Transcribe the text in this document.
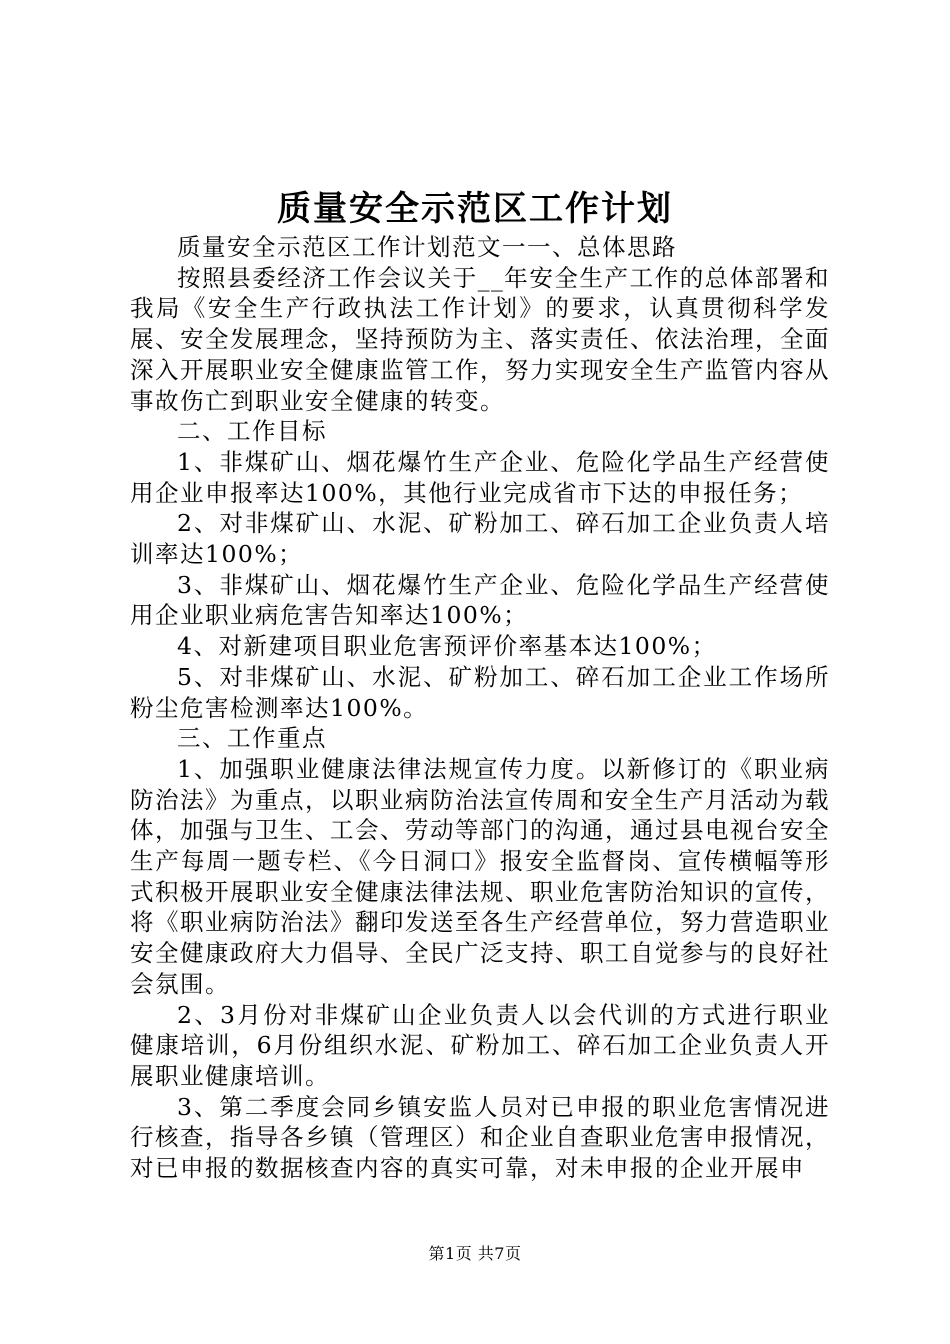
质量安全示范区工作计划

质量安全示范区工作计划范文一一、总体思路

按照县委经济工作会议关于__年安全生产工作的总体部署和我局《安全生产行政执法工作计划》的要求，认真贯彻科学发展、安全发展理念，坚持预防为主、落实责任、依法治理，全面深入开展职业安全健康监管工作，努力实现安全生产监管内容从事故伤亡到职业安全健康的转变。

二、工作目标

1、非煤矿山、烟花爆竹生产企业、危险化学品生产经营使用企业申报率达100%，其他行业完成省市下达的申报任务；

2、对非煤矿山、水泥、矿粉加工、碎石加工企业负责人培训率达100%；

3、非煤矿山、烟花爆竹生产企业、危险化学品生产经营使用企业职业病危害告知率达100%；

4、对新建项目职业危害预评价率基本达100%；

5、对非煤矿山、水泥、矿粉加工、碎石加工企业工作场所粉尘危害检测率达100%。

三、工作重点

1、加强职业健康法律法规宣传力度。以新修订的《职业病防治法》为重点，以职业病防治法宣传周和安全生产月活动为载体，加强与卫生、工会、劳动等部门的沟通，通过县电视台安全生产每周一题专栏、《今日洞口》报安全监督岗、宣传横幅等形式积极开展职业安全健康法律法规、职业危害防治知识的宣传，将《职业病防治法》翻印发送至各生产经营单位，努力营造职业安全健康政府大力倡导、全民广泛支持、职工自觉参与的良好社会氛围。

2、3月份对非煤矿山企业负责人以会代训的方式进行职业健康培训，6月份组织水泥、矿粉加工、碎石加工企业负责人开展职业健康培训。

3、第二季度会同乡镇安监人员对已申报的职业危害情况进行核查，指导各乡镇（管理区）和企业自查职业危害申报情况，对已申报的数据核查内容的真实可靠，对未申报的企业开展申

第1页 共7页
